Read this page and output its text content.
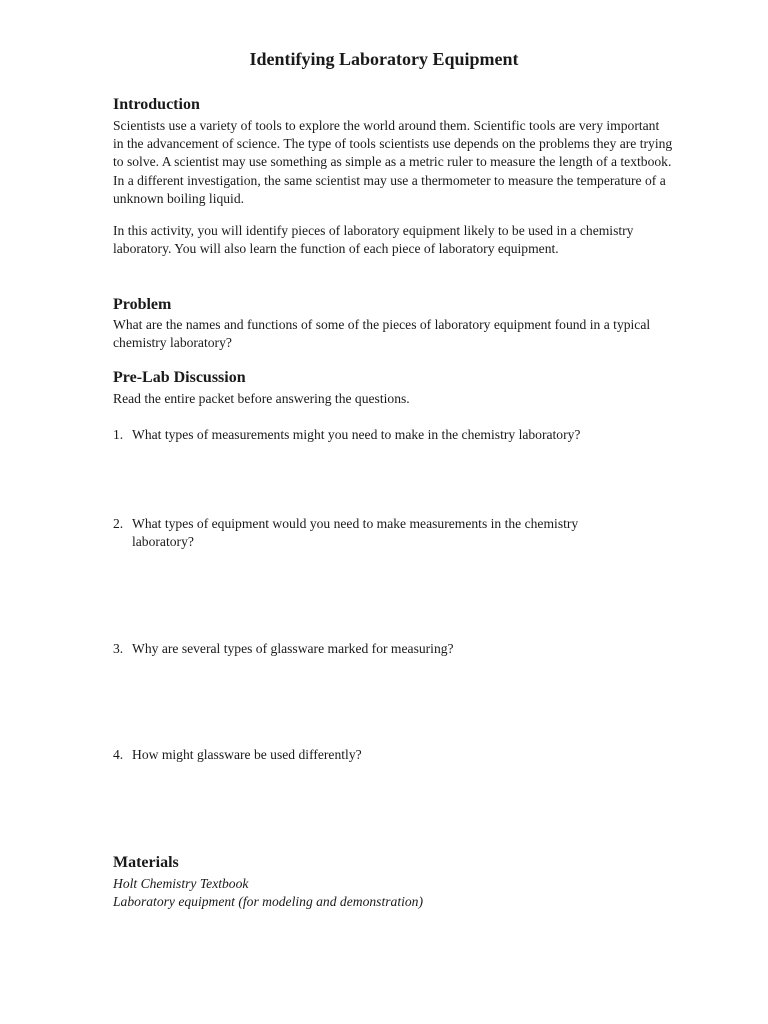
Identifying Laboratory Equipment
Introduction
Scientists use a variety of tools to explore the world around them. Scientific tools are very important in the advancement of science. The type of tools scientists use depends on the problems they are trying to solve. A scientist may use something as simple as a metric ruler to measure the length of a textbook. In a different investigation, the same scientist may use a thermometer to measure the temperature of a unknown boiling liquid.
In this activity, you will identify pieces of laboratory equipment likely to be used in a chemistry laboratory. You will also learn the function of each piece of laboratory equipment.
Problem
What are the names and functions of some of the pieces of laboratory equipment found in a typical chemistry laboratory?
Pre-Lab Discussion
Read the entire packet before answering the questions.
1. What types of measurements might you need to make in the chemistry laboratory?
2. What types of equipment would you need to make measurements in the chemistry laboratory?
3. Why are several types of glassware marked for measuring?
4. How might glassware be used differently?
Materials
Holt Chemistry Textbook
Laboratory equipment (for modeling and demonstration)
